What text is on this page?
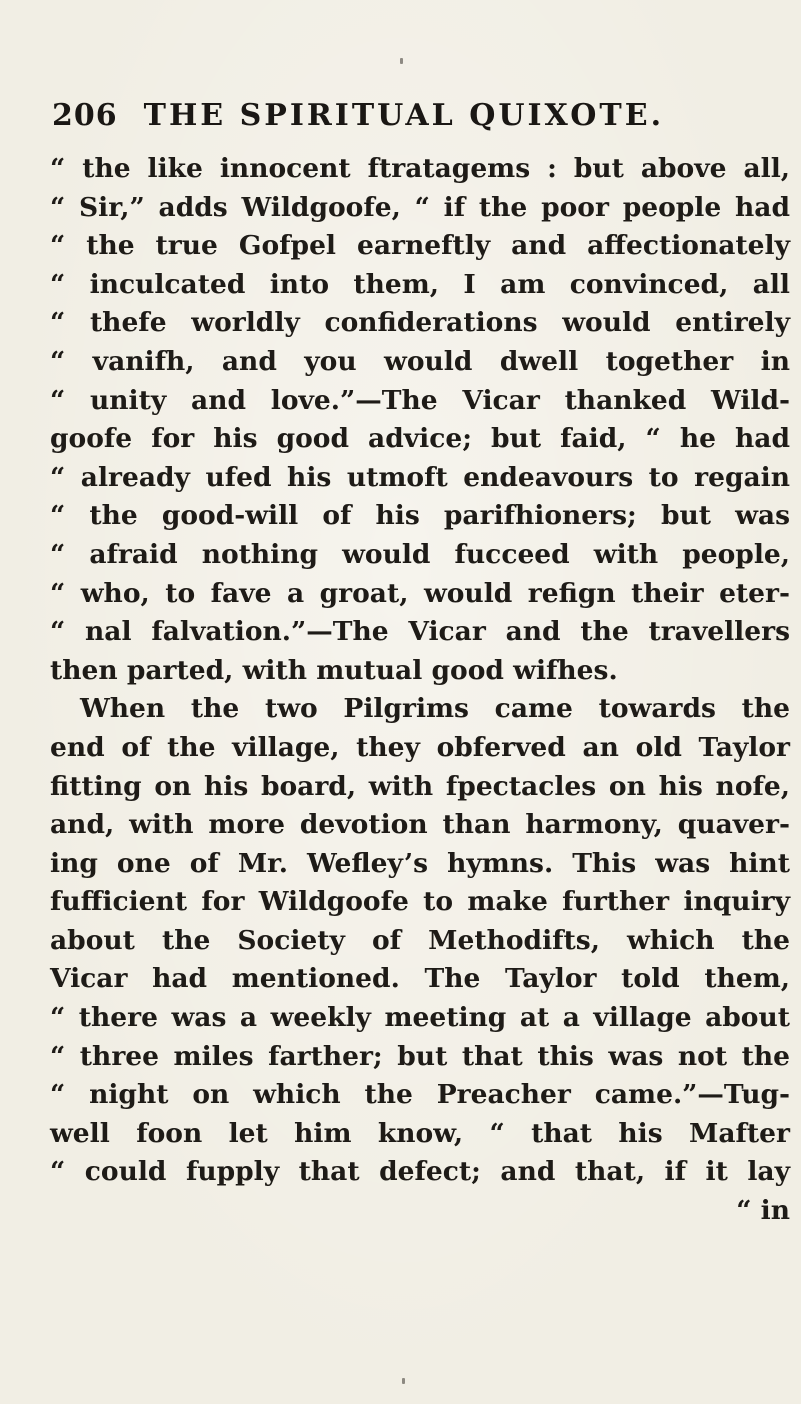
206 THE SPIRITUAL QUIXOTE.
“ the like innocent ftratagems : but above all,
“ Sir,” adds Wildgoofe, “ if the poor people had
“ the true Gofpel earneftly and affectionately
“ inculcated into them, I am convinced, all
“ thefe worldly confiderations would entirely
“ vanifh, and you would dwell together in
“ unity and love.”—The Vicar thanked Wild-
goofe for his good advice; but faid, “ he had
“ already ufed his utmoft endeavours to regain
“ the good-will of his parifhioners; but was
“ afraid nothing would fucceed with people,
“ who, to fave a groat, would refign their eter-
“ nal falvation.”—The Vicar and the travellers
then parted, with mutual good wifhes.
When the two Pilgrims came towards the
end of the village, they obferved an old Taylor
fitting on his board, with fpectacles on his nofe,
and, with more devotion than harmony, quaver-
ing one of Mr. Wefley’s hymns. This was hint
fufficient for Wildgoofe to make further inquiry
about the Society of Methodifts, which the
Vicar had mentioned. The Taylor told them,
“ there was a weekly meeting at a village about
“ three miles farther; but that this was not the
“ night on which the Preacher came.”—Tug-
well foon let him know, “ that his Mafter
“ could fupply that defect; and that, if it lay
“ in
